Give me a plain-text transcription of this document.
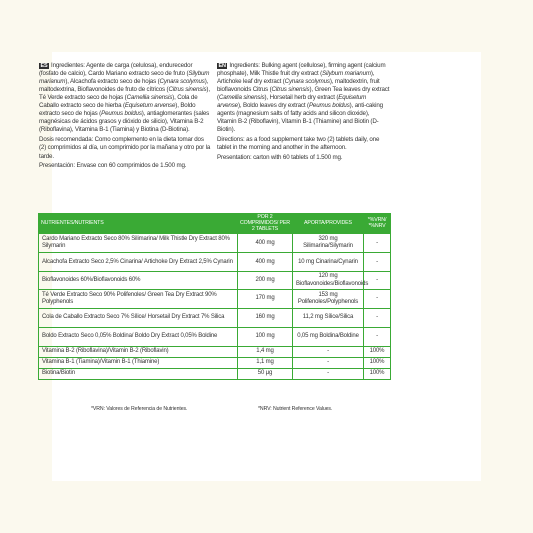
ES Ingredientes: Agente de carga (celulosa), endurecedor (fosfato de calcio), Cardo Mariano extracto seco de fruto (Silybum marianum), Alcachofa extracto seco de hojas (Cynara scolymus), maltodextrina, Bioflavonoides de fruto de cítricos (Citrus sinensis), Té Verde extracto seco de hojas (Camellia sinensis), Cola de Caballo extracto seco de hierba (Equisetum arvense), Boldo extracto seco de hojas (Peumus boldus), antiaglomerantes (sales magnésicas de ácidos grasos y dióxido de silicio), Vitamina B-2 (Riboflavina), Vitamina B-1 (Tiamina) y Biotina (D-Biotina).

Dosis recomendada: Como complemento en la dieta tomar dos (2) comprimidos al día, un comprimido por la mañana y otro por la tarde.

Presentación: Envase con 60 comprimidos de 1.500 mg.

EN Ingredients: Bulking agent (cellulose), firming agent (calcium phosphate), Milk Thistle fruit dry extract (Silybum marianum), Artichoke leaf dry extract (Cynara scolymus), maltodextrin, fruit bioflavonoids Citrus (Citrus sinensis), Green Tea leaves dry extract (Camellia sinensis), Horsetail herb dry extract (Equisetum arvense), Boldo leaves dry extract (Peumus boldus), anti-caking agents (magnesium salts of fatty acids and silicon dioxide), Vitamin B-2 (Riboflavin), Vitamin B-1 (Thiamine) and Biotin (D-Biotin).

Directions: as a food supplement take two (2) tablets daily, one tablet in the morning and another in the afternoon.

Presentation: carton with 60 tablets of 1.500 mg.

NUTRIENTES/NUTRIENTS	POR 2 COMPRIMIDOS/ PER 2 TABLETS	APORTA/PROVIDES	*%VRN/ *%NRV
Cardo Mariano Extracto Seco 80% Silimarina/ Milk Thistle Dry Extract 80% Silymarin	400 mg	320 mg Silimarina/Silymarin	-
Alcachofa Extracto Seco 2,5% Cinarina/ Artichoke Dry Extract 2,5% Cynarin	400 mg	10 mg Cinarina/Cynarin	-
Bioflavonoides 60%/Bioflavonoids 60%	200 mg	120 mg Bioflavonoides/Bioflavonoids	-
Té Verde Extracto Seco 90% Polifenoles/ Green Tea Dry Extract 90% Polyphenols	170 mg	153 mg Polifenoles/Polyphenols	-
Cola de Caballo Extracto Seco 7% Sílice/ Horsetail Dry Extract 7% Silica	160 mg	11,2 mg Sílice/Silica	-
Boldo Extracto Seco 0,05% Boldina/ Boldo Dry Extract 0,05% Boldine	100 mg	0,05 mg Boldina/Boldine	-
Vitamina B-2 (Riboflavina)/Vitamin B-2 (Riboflavin)	1,4 mg	-	100%
Vitamina B-1 (Tiamina)/Vitamin B-1 (Thiamine)	1,1 mg	-	100%
Biotina/Biotin	50 μg	-	100%
*VRN: Valores de Referencia de Nutrientes.	*NRV: Nutrient Reference Values.
